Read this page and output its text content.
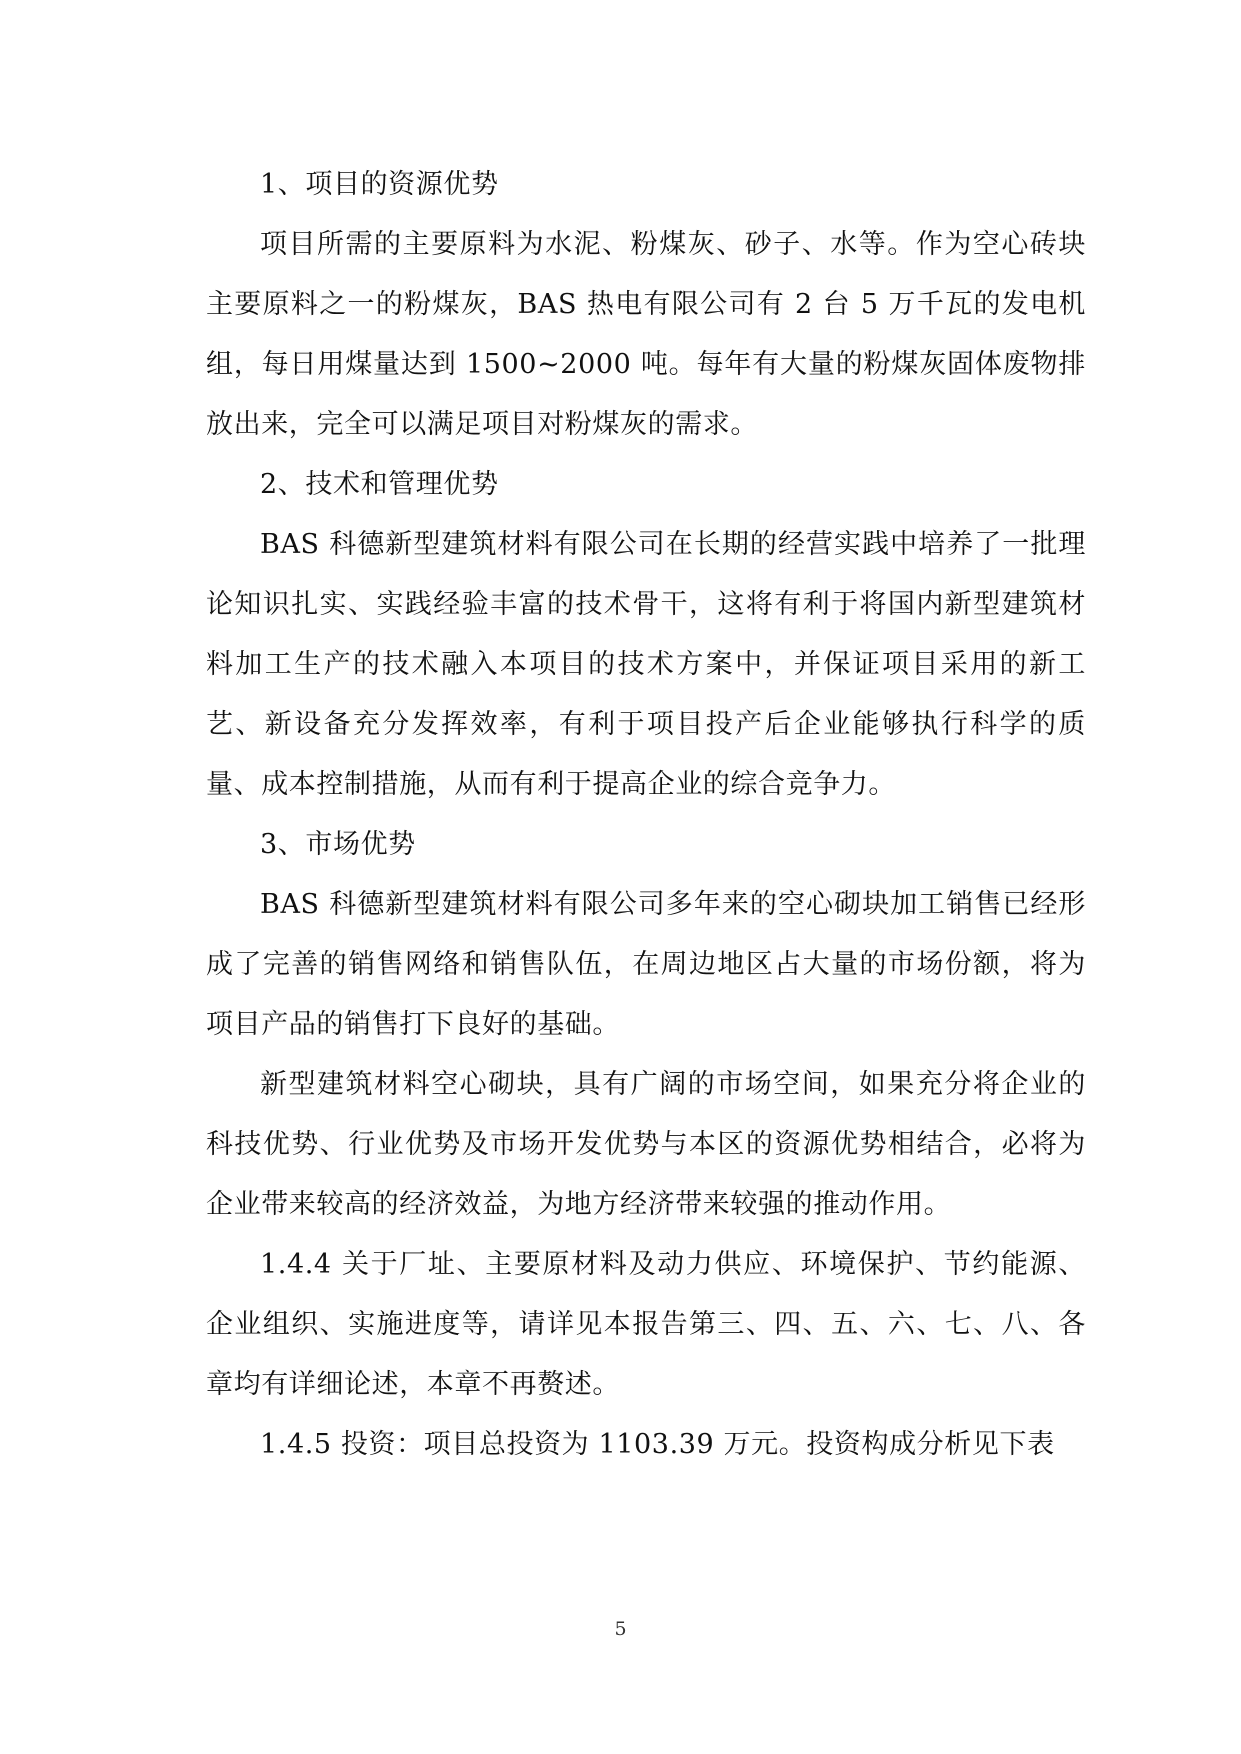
1、项目的资源优势

项目所需的主要原料为水泥、粉煤灰、砂子、水等。作为空心砖块主要原料之一的粉煤灰，BAS 热电有限公司有 2 台 5 万千瓦的发电机组，每日用煤量达到 1500~2000 吨。每年有大量的粉煤灰固体废物排放出来，完全可以满足项目对粉煤灰的需求。

2、技术和管理优势

BAS 科德新型建筑材料有限公司在长期的经营实践中培养了一批理论知识扎实、实践经验丰富的技术骨干，这将有利于将国内新型建筑材料加工生产的技术融入本项目的技术方案中，并保证项目采用的新工艺、新设备充分发挥效率，有利于项目投产后企业能够执行科学的质量、成本控制措施，从而有利于提高企业的综合竞争力。

3、市场优势

BAS 科德新型建筑材料有限公司多年来的空心砌块加工销售已经形成了完善的销售网络和销售队伍，在周边地区占大量的市场份额，将为项目产品的销售打下良好的基础。

新型建筑材料空心砌块，具有广阔的市场空间，如果充分将企业的科技优势、行业优势及市场开发优势与本区的资源优势相结合，必将为企业带来较高的经济效益，为地方经济带来较强的推动作用。

1.4.4 关于厂址、主要原材料及动力供应、环境保护、节约能源、企业组织、实施进度等，请详见本报告第三、四、五、六、七、八、各章均有详细论述，本章不再赘述。

1.4.5 投资：项目总投资为 1103.39 万元。投资构成分析见下表

5
